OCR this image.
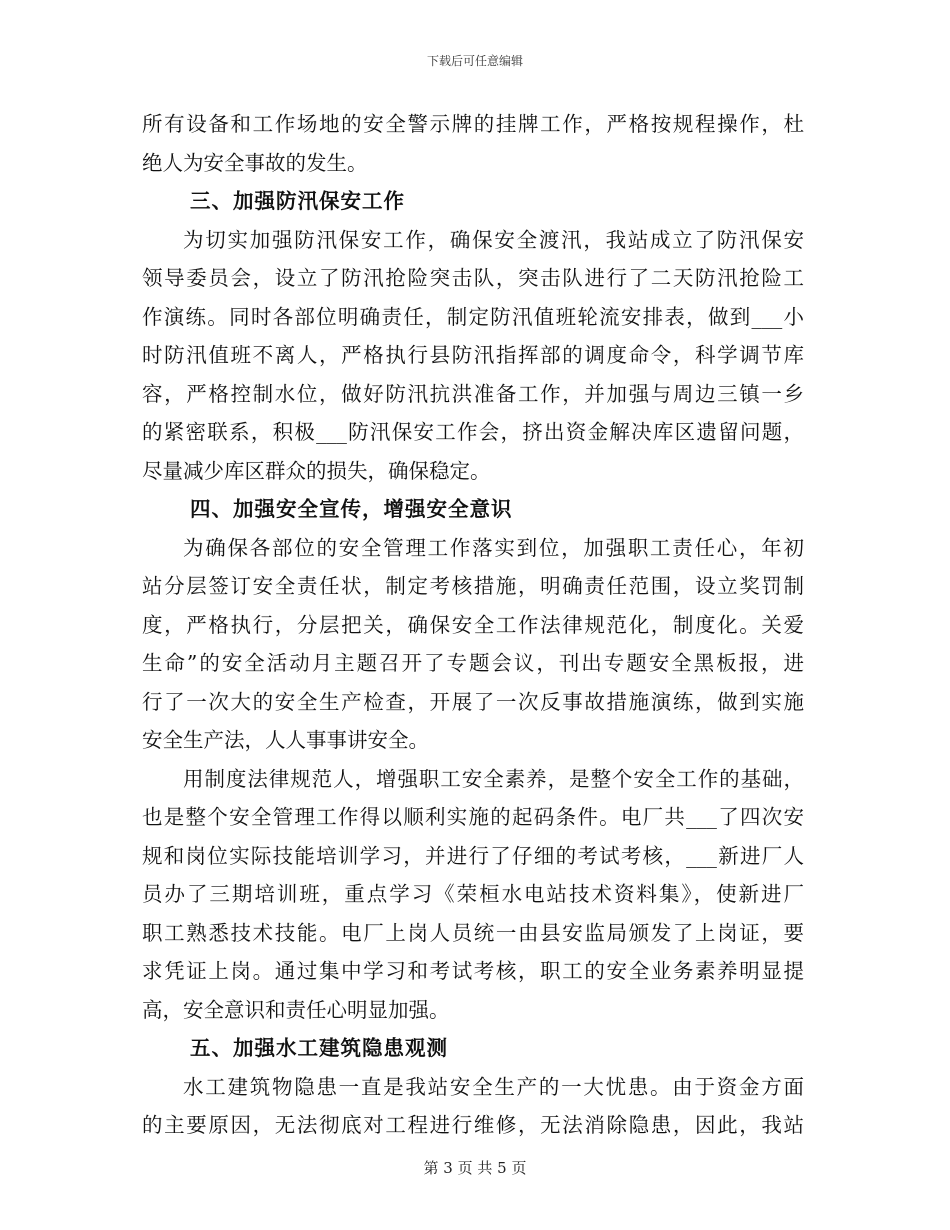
下载后可任意编辑

所有设备和工作场地的安全警示牌的挂牌工作，严格按规程操作，杜
绝人为安全事故的发生。

三、加强防汛保安工作

为切实加强防汛保安工作，确保安全渡汛，我站成立了防汛保安
领导委员会，设立了防汛抢险突击队，突击队进行了二天防汛抢险工
作演练。同时各部位明确责任，制定防汛值班轮流安排表，做到___小
时防汛值班不离人，严格执行县防汛指挥部的调度命令，科学调节库
容，严格控制水位，做好防汛抗洪准备工作，并加强与周边三镇一乡
的紧密联系，积极___防汛保安工作会，挤出资金解决库区遗留问题，
尽量减少库区群众的损失，确保稳定。

四、加强安全宣传，增强安全意识

为确保各部位的安全管理工作落实到位，加强职工责任心，年初
站分层签订安全责任状，制定考核措施，明确责任范围，设立奖罚制
度，严格执行，分层把关，确保安全工作法律规范化，制度化。关爱
生命”的安全活动月主题召开了专题会议，刊出专题安全黑板报，进
行了一次大的安全生产检查，开展了一次反事故措施演练，做到实施
安全生产法，人人事事讲安全。

用制度法律规范人，增强职工安全素养，是整个安全工作的基础，
也是整个安全管理工作得以顺利实施的起码条件。电厂共___了四次安
规和岗位实际技能培训学习，并进行了仔细的考试考核，___新进厂人
员办了三期培训班，重点学习《荣桓水电站技术资料集》，使新进厂
职工熟悉技术技能。电厂上岗人员统一由县安监局颁发了上岗证，要
求凭证上岗。通过集中学习和考试考核，职工的安全业务素养明显提
高，安全意识和责任心明显加强。

五、加强水工建筑隐患观测

水工建筑物隐患一直是我站安全生产的一大忧患。由于资金方面
的主要原因，无法彻底对工程进行维修，无法消除隐患，因此，我站

第 3 页 共 5 页
